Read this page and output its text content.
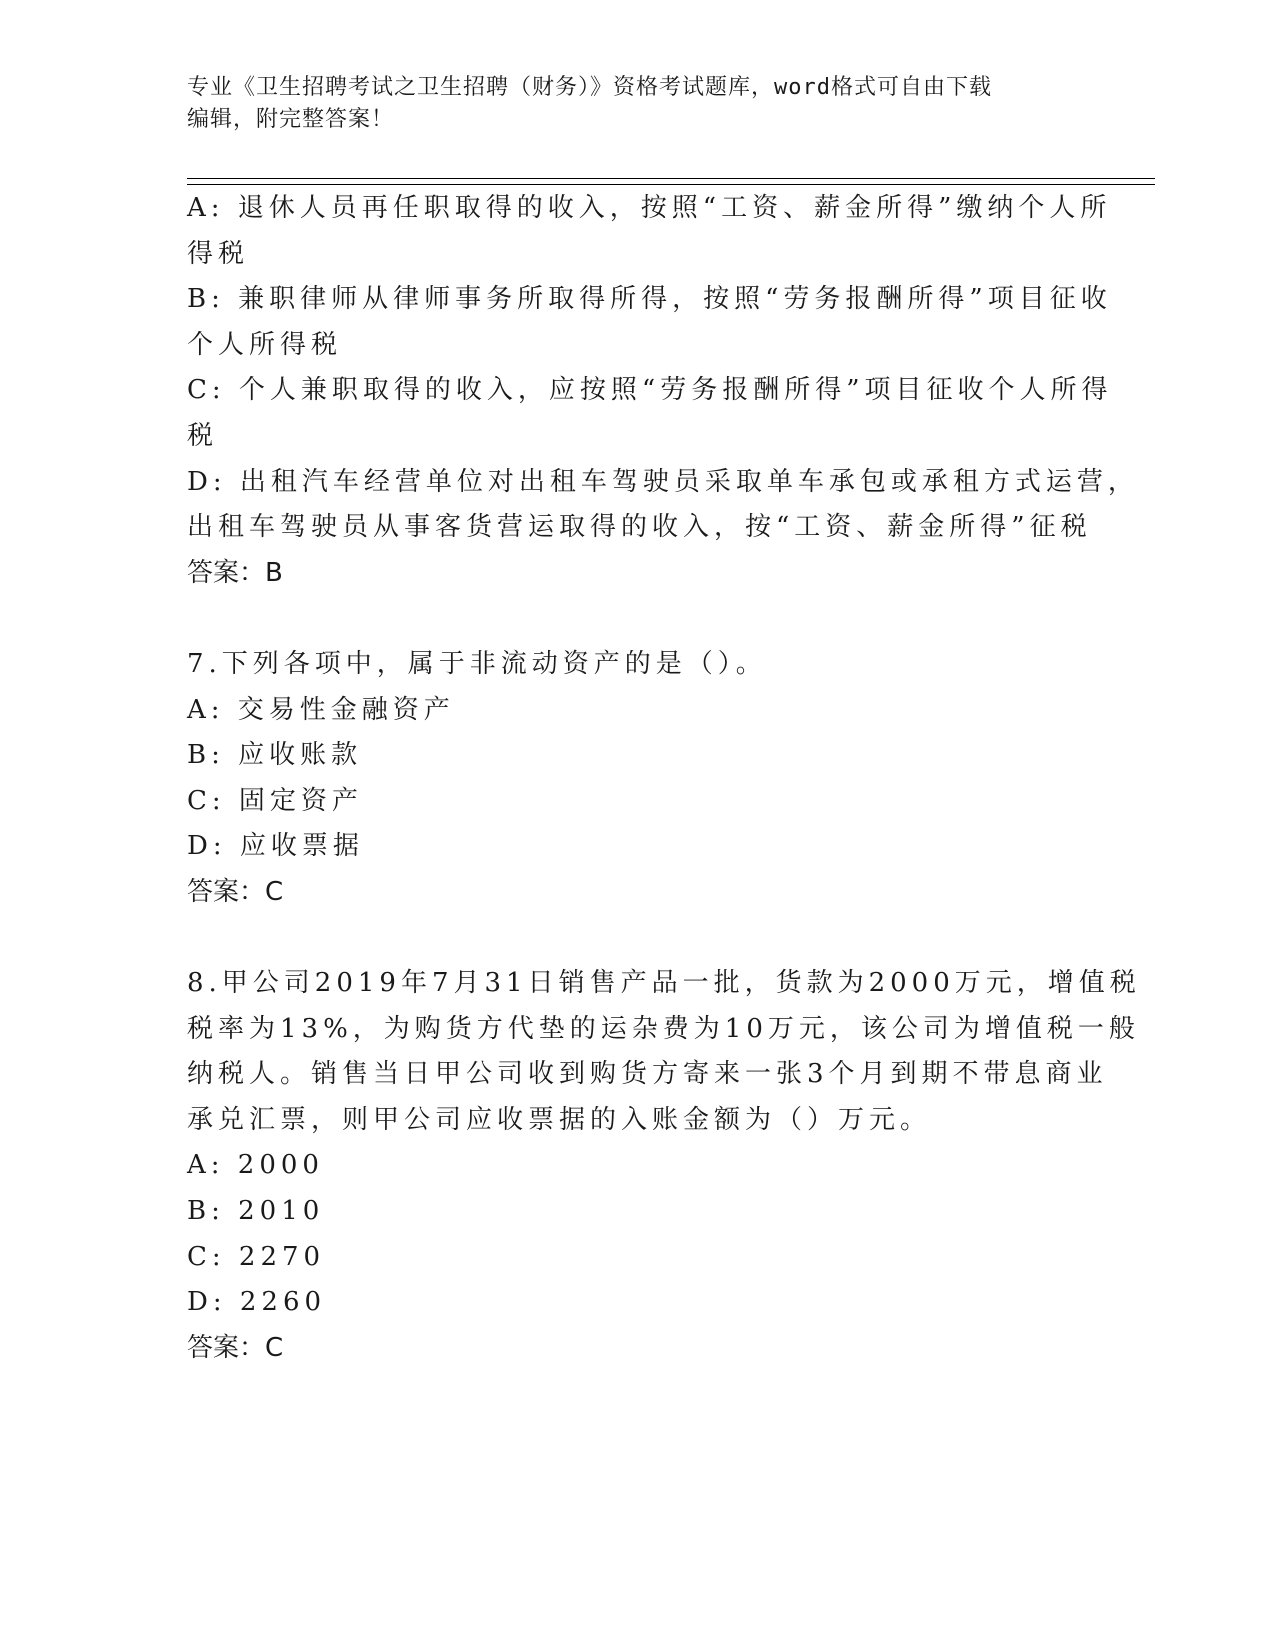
专业《卫生招聘考试之卫生招聘（财务）》资格考试题库，word格式可自由下载
编辑，附完整答案！
A: 退休人员再任职取得的收入，按照“工资、薪金所得”缴纳个人所
得税
B: 兼职律师从律师事务所取得所得，按照“劳务报酬所得”项目征收
个人所得税
C: 个人兼职取得的收入，应按照“劳务报酬所得”项目征收个人所得
税
D: 出租汽车经营单位对出租车驾驶员采取单车承包或承租方式运营，
出租车驾驶员从事客货营运取得的收入，按“工资、薪金所得”征税
答案：B
7.下列各项中，属于非流动资产的是（）。
A: 交易性金融资产
B: 应收账款
C: 固定资产
D: 应收票据
答案：C
8.甲公司2019年7月31日销售产品一批，货款为2000万元，增值税
税率为13%，为购货方代垫的运杂费为10万元，该公司为增值税一般
纳税人。销售当日甲公司收到购货方寄来一张3个月到期不带息商业
承兑汇票，则甲公司应收票据的入账金额为（）万元。
A: 2000
B: 2010
C: 2270
D: 2260
答案：C
